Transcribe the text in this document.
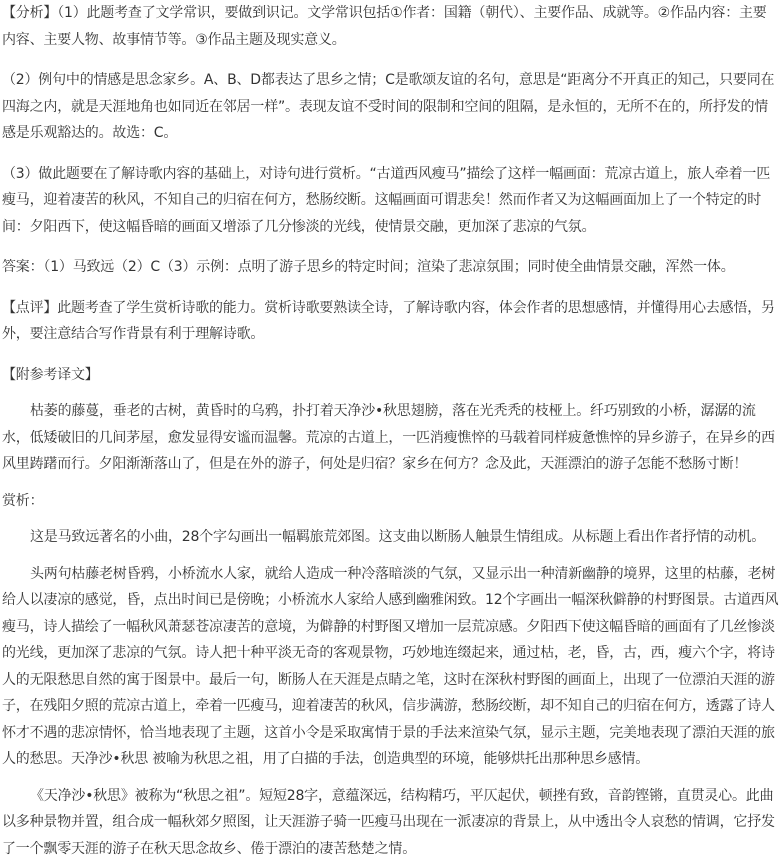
【分析】（1）此题考查了文学常识，要做到识记。文学常识包括①作者：国籍（朝代）、主要作品、成就等。②作品内容：主要内容、主要人物、故事情节等。③作品主题及现实意义。

（2）例句中的情感是思念家乡。A、B、D都表达了思乡之情；C是歌颂友谊的名句，意思是“距离分不开真正的知己，只要同在四海之内，就是天涯地角也如同近在邻居一样”。表现友谊不受时间的限制和空间的阻隔，是永恒的，无所不在的，所抒发的情感是乐观豁达的。故选：C。

（3）做此题要在了解诗歌内容的基础上，对诗句进行赏析。“古道西风瘦马”描绘了这样一幅画面：荒凉古道上，旅人牵着一匹瘦马，迎着凄苦的秋风，不知自己的归宿在何方，愁肠绞断。这幅画面可谓悲矣！然而作者又为这幅画面加上了一个特定的时间：夕阳西下，使这幅昏暗的画面又增添了几分惨淡的光线，使情景交融，更加深了悲凉的气氛。

答案：（1）马致远（2）C（3）示例：点明了游子思乡的特定时间；渲染了悲凉氛围；同时使全曲情景交融，浑然一体。

【点评】此题考查了学生赏析诗歌的能力。赏析诗歌要熟读全诗，了解诗歌内容，体会作者的思想感情，并懂得用心去感悟，另外，要注意结合写作背景有利于理解诗歌。

【附参考译文】

枯萎的藤蔓，垂老的古树，黄昏时的乌鸦，扑打着天净沙•秋思翅膀，落在光秃秃的枝桠上。纤巧别致的小桥，潺潺的流水，低矮破旧的几间茅屋，愈发显得安谧而温馨。荒凉的古道上，一匹消瘦憔悴的马载着同样疲惫憔悴的异乡游子，在异乡的西风里踌躇而行。夕阳渐渐落山了，但是在外的游子，何处是归宿？家乡在何方？念及此，天涯漂泊的游子怎能不愁肠寸断！

赏析：

这是马致远著名的小曲，28个字勾画出一幅羁旅荒郊图。这支曲以断肠人触景生情组成。从标题上看出作者抒情的动机。

头两句枯藤老树昏鸦，小桥流水人家，就给人造成一种冷落暗淡的气氛，又显示出一种清新幽静的境界，这里的枯藤，老树给人以凄凉的感觉，昏，点出时间已是傍晚；小桥流水人家给人感到幽雅闲致。12个字画出一幅深秋僻静的村野图景。古道西风瘦马，诗人描绘了一幅秋风萧瑟苍凉凄苦的意境，为僻静的村野图又增加一层荒凉感。夕阳西下使这幅昏暗的画面有了几丝惨淡的光线，更加深了悲凉的气氛。诗人把十种平淡无奇的客观景物，巧妙地连缀起来，通过枯，老，昏，古，西，瘦六个字，将诗人的无限愁思自然的寓于图景中。最后一句，断肠人在天涯是点睛之笔，这时在深秋村野图的画面上，出现了一位漂泊天涯的游子，在残阳夕照的荒凉古道上，牵着一匹瘦马，迎着凄苦的秋风，信步满游，愁肠绞断，却不知自己的归宿在何方，透露了诗人怀才不遇的悲凉情怀，恰当地表现了主题，这首小令是采取寓情于景的手法来渲染气氛，显示主题，完美地表现了漂泊天涯的旅人的愁思。天净沙•秋思 被喻为秋思之祖，用了白描的手法，创造典型的环境，能够烘托出那种思乡感情。

《天净沙•秋思》被称为“秋思之祖”。短短28字，意蕴深远，结构精巧，平仄起伏，顿挫有致，音韵铿锵，直贯灵心。此曲以多种景物并置，组合成一幅秋郊夕照图，让天涯游子骑一匹瘦马出现在一派凄凉的背景上，从中透出令人哀愁的情调，它抒发了一个飘零天涯的游子在秋天思念故乡、倦于漂泊的凄苦愁楚之情。
